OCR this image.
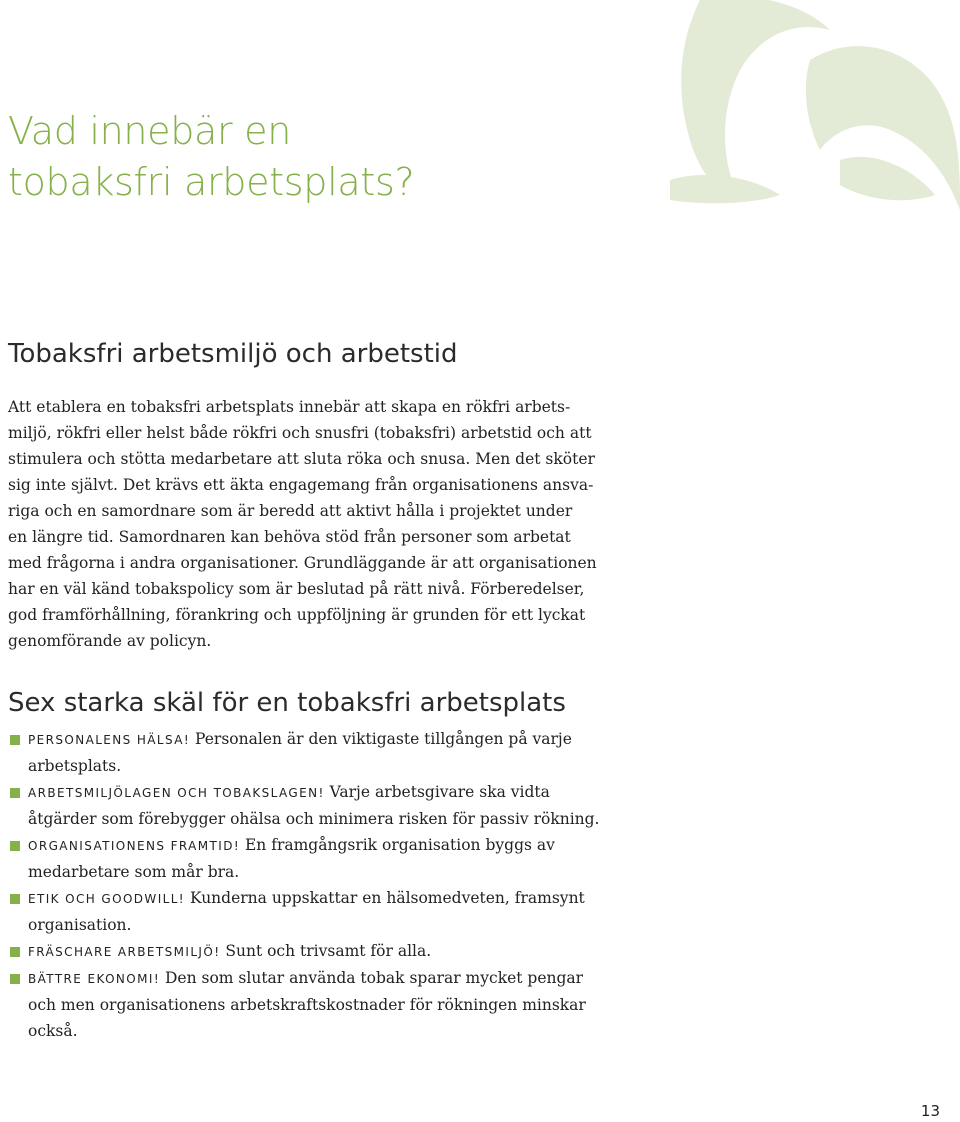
Vad innebär en
tobaksfri arbetsplats?
Tobaksfri arbetsmiljö och arbetstid

Att etablera en tobaksfri arbetsplats innebär att skapa en rökfri arbets-
miljö, rökfri eller helst både rökfri och snusfri (tobaksfri) arbetstid och att
stimulera och stötta medarbetare att sluta röka och snusa. Men det sköter
sig inte självt. Det krävs ett äkta engagemang från organisationens ansva-
riga och en samordnare som är beredd att aktivt hålla i projektet under
en längre tid. Samordnaren kan behöva stöd från personer som arbetat
med frågorna i andra organisationer. Grundläggande är att organisationen
har en väl känd tobakspolicy som är beslutad på rätt nivå. Förberedelser,
god framförhållning, förankring och uppföljning är grunden för ett lyckat
genomförande av policyn.

Sex starka skäl för en tobaksfri arbetsplats

PERSONALENS HÄLSA! Personalen är den viktigaste tillgången på varje
arbetsplats.

ARBETSMILJÖLAGEN OCH TOBAKSLAGEN! Varje arbetsgivare ska vidta
åtgärder som förebygger ohälsa och minimera risken för passiv rökning.

ORGANISATIONENS FRAMTID! En framgångsrik organisation byggs av
medarbetare som mår bra.

ETIK OCH GOODWILL! Kunderna uppskattar en hälsomedveten, framsynt
organisation.

FRÄSCHARE ARBETSMILJÖ! Sunt och trivsamt för alla.

BÄTTRE EKONOMI! Den som slutar använda tobak sparar mycket pengar
och men organisationens arbetskraftskostnader för rökningen minskar
också.

13
